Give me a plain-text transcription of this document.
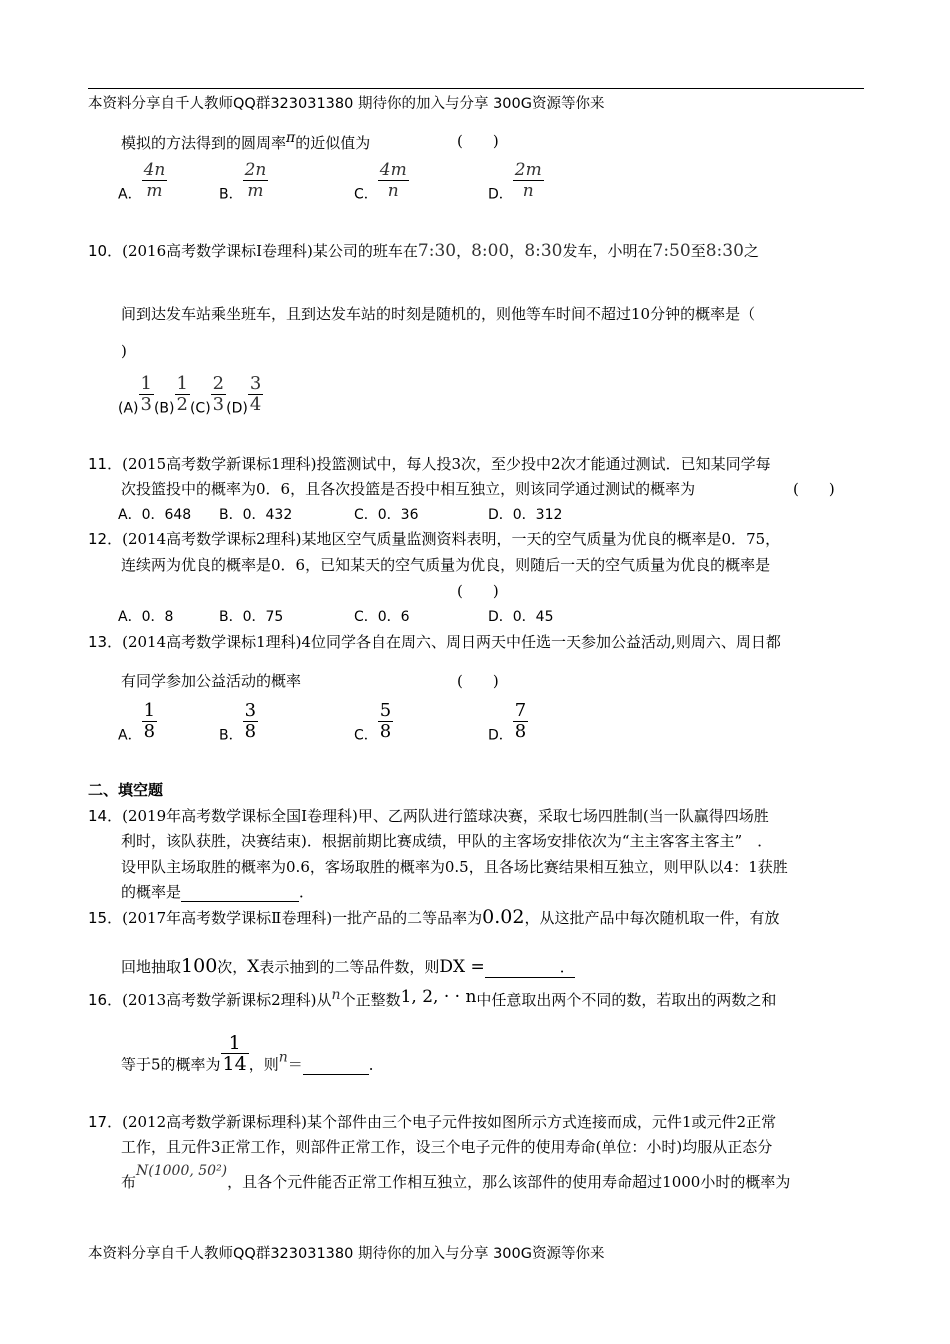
本资料分享自千人教师QQ群323031380 期待你的加入与分享 300G资源等你来
模拟的方法得到的圆周率π的近似值为	(　　)
A． $\frac{4n}{m}$	B． $\frac{2n}{m}$	C． $\frac{4m}{n}$	D． $\frac{2m}{n}$
10．(2016高考数学课标Ⅰ卷理科)某公司的班车在7:30，8:00，8:30发车，小明在7:50至8:30之
间到达发车站乘坐班车，且到达发车站的时刻是随机的，则他等车时间不超过10分钟的概率是（
)
$(A) \frac{1}{3} (B) \frac{1}{2} (C) \frac{2}{3} (D) \frac{3}{4}$
11．(2015高考数学新课标1理科)投篮测试中，每人投3次，至少投中2次才能通过测试．已知某同学每
次投篮投中的概率为0．6，且各次投篮是否投中相互独立，则该同学通过测试的概率为	(　　)
A．0．648 B．0．432	C．0．36	D．0．312
12．(2014高考数学课标2理科)某地区空气质量监测资料表明，一天的空气质量为优良的概率是0．75，
连续两为优良的概率是0．6，已知某天的空气质量为优良，则随后一天的空气质量为优良的概率是
(　　)
A．0．8	B．0．75	C．0．6	D．0．45
13．(2014高考数学课标1理科)4位同学各自在周六、周日两天中任选一天参加公益活动,则周六、周日都
有同学参加公益活动的概率	(　　)
A． $\frac{1}{8}$	B． $\frac{3}{8}$	C． $\frac{5}{8}$	D． $\frac{7}{8}$
二、填空题
14．(2019年高考数学课标全国Ⅰ卷理科)甲、乙两队进行篮球决赛，采取七场四胜制(当一队赢得四场胜
利时，该队获胜，决赛结束)．根据前期比赛成绩，甲队的主客场安排依次为“主主客客主客主”　．
设甲队主场取胜的概率为0.6，客场取胜的概率为0.5，且各场比赛结果相互独立，则甲队以4：1获胜
的概率是	．
15．(2017年高考数学课标Ⅱ卷理科)一批产品的二等品率为0.02，从这批产品中每次随机取一件，有放
回地抽取100次，X表示抽到的二等品件数，则DX =	．
16．(2013高考数学新课标2理科)从n个正整数1, 2, · · n中任意取出两个不同的数，若取出的两数之和
等于5的概率为 $\frac{1}{14}$ ，则n＝	．
17．(2012高考数学新课标理科)某个部件由三个电子元件按如图所示方式连接而成，元件1或元件2正常
工作，且元件3正常工作，则部件正常工作，设三个电子元件的使用寿命(单位：小时)均服从正态分
布N(1000, 50²)，且各个元件能否正常工作相互独立，那么该部件的使用寿命超过1000小时的概率为
本资料分享自千人教师QQ群323031380 期待你的加入与分享 300G资源等你来
